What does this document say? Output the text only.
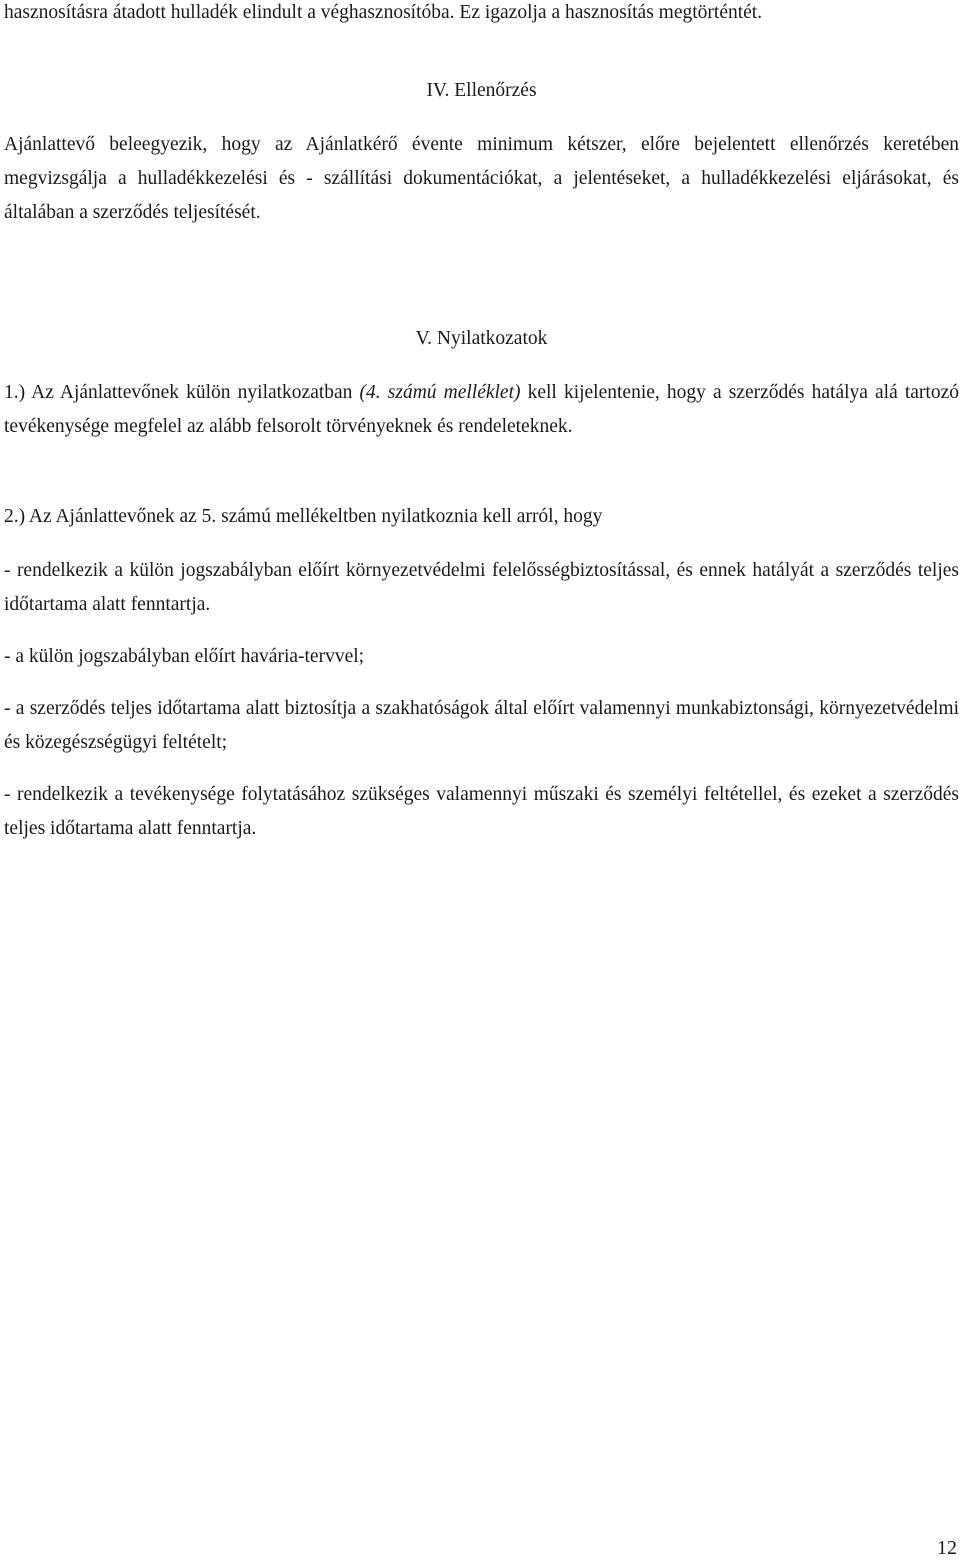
hasznosításra átadott hulladék elindult a véghasznosítóba. Ez igazolja a hasznosítás megtörténtét.

IV. Ellenőrzés

Ajánlattevő beleegyezik, hogy az Ajánlatkérő évente minimum kétszer, előre bejelentett ellenőrzés keretében megvizsgálja a hulladékkezelési és - szállítási dokumentációkat, a jelentéseket, a hulladékkezelési eljárásokat, és általában a szerződés teljesítését.

V. Nyilatkozatok

1.) Az Ajánlattevőnek külön nyilatkozatban (4. számú melléklet) kell kijelentenie, hogy a szerződés hatálya alá tartozó tevékenysége megfelel az alább felsorolt törvényeknek és rendeleteknek.

2.) Az Ajánlattevőnek az 5. számú mellékeltben nyilatkoznia kell arról, hogy

- rendelkezik a külön jogszabályban előírt környezetvédelmi felelősségbiztosítással, és ennek hatályát a szerződés teljes időtartama alatt fenntartja.

- a külön jogszabályban előírt havária-tervvel;

- a szerződés teljes időtartama alatt biztosítja a szakhatóságok által előírt valamennyi munkabiztonsági, környezetvédelmi és közegészségügyi feltételt;

- rendelkezik a tevékenysége folytatásához szükséges valamennyi műszaki és személyi feltétellel, és ezeket a szerződés teljes időtartama alatt fenntartja.

12
